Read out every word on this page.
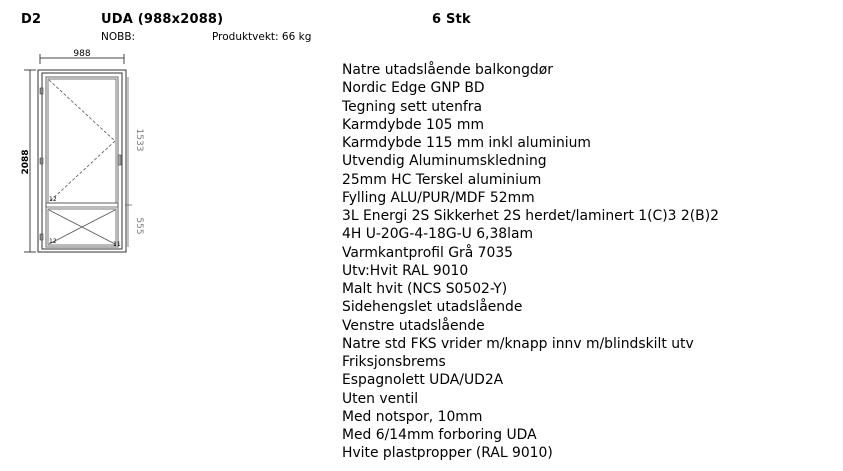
D2	UDA (988x2088)	6 Stk
NOBB:	Produktvekt: 66 kg
988
2088
12
12	11
1533
555
Natre utadslående balkongdør
Nordic Edge GNP BD
Tegning sett utenfra
Karmdybde 105 mm
Karmdybde 115 mm inkl aluminium
Utvendig Aluminumskledning
25mm HC Terskel aluminium
Fylling ALU/PUR/MDF 52mm
3L Energi 2S Sikkerhet 2S herdet/laminert 1(C)3 2(B)2
4H U-20G-4-18G-U 6,38lam
Varmkantprofil Grå 7035
Utv:Hvit RAL 9010
Malt hvit (NCS S0502-Y)
Sidehengslet utadslående
Venstre utadslående
Natre std FKS vrider m/knapp innv m/blindskilt utv
Friksjonsbrems
Espagnolett UDA/UD2A
Uten ventil
Med notspor, 10mm
Med 6/14mm forboring UDA
Hvite plastpropper (RAL 9010)
